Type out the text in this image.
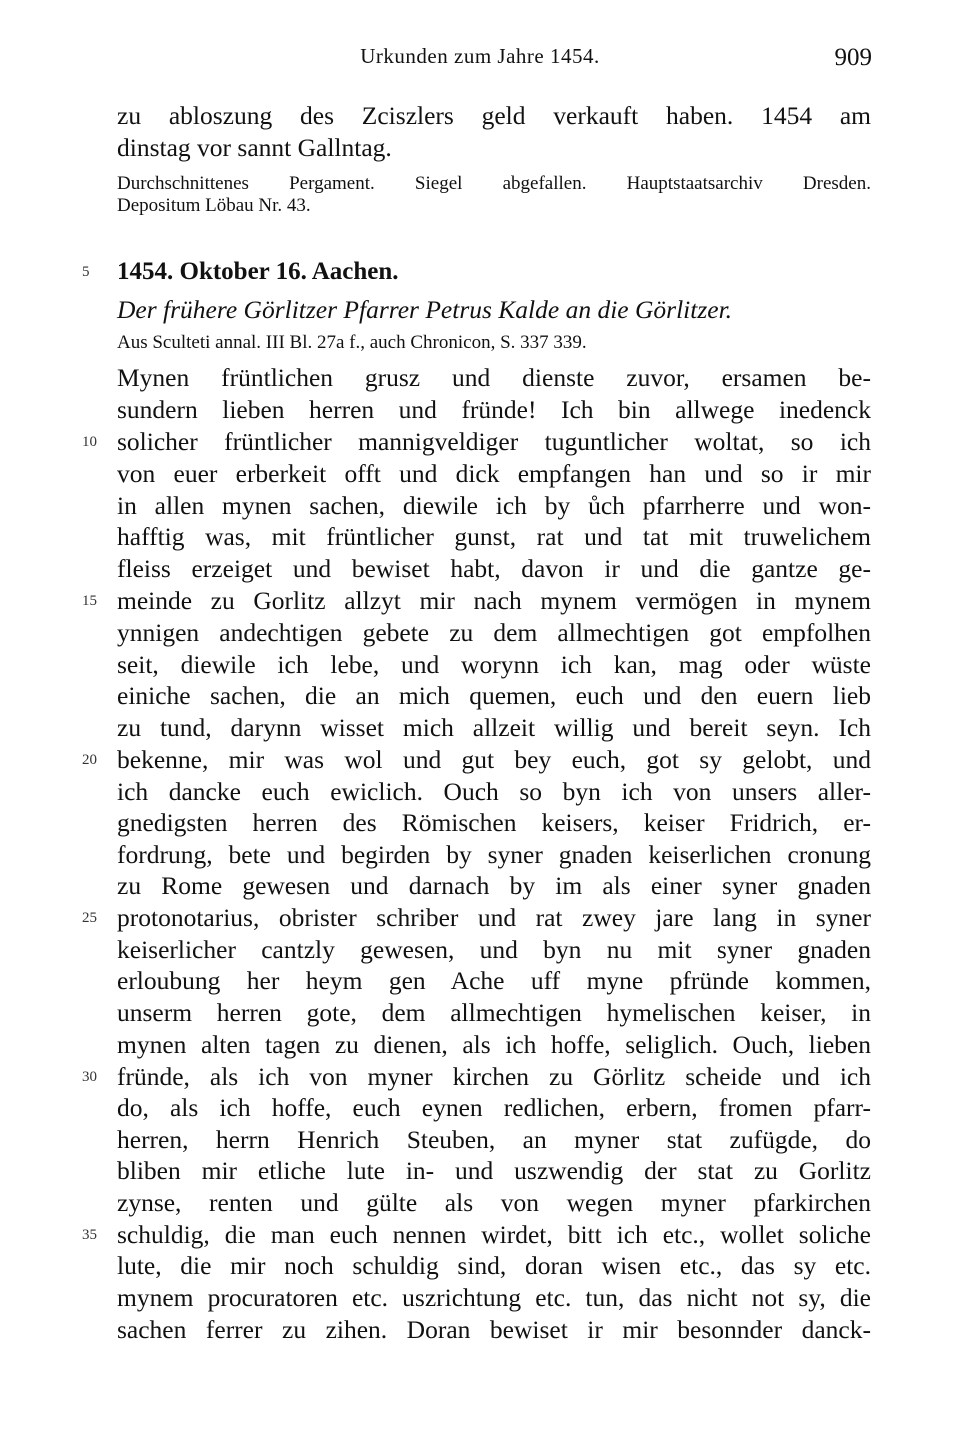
Urkunden zum Jahre 1454.	909
zu abloszung des Zciszlers geld verkauft haben. 1454 am
dinstag vor sannt Gallntag.
Durchschnittenes Pergament. Siegel abgefallen. Hauptstaatsarchiv Dresden.
Depositum Löbau Nr. 43.
5	1454. Oktober 16. Aachen.
Der frühere Görlitzer Pfarrer Petrus Kalde an die Görlitzer.
Aus Sculteti annal. III Bl. 27a f., auch Chronicon, S. 337 339.
Mynen früntlichen grusz und dienste zuvor, ersamen be-
sundern lieben herren und fründe! Ich bin allwege inedenck
solicher früntlicher mannigveldiger tuguntlicher woltat, so ich
von euer erberkeit offt und dick empfangen han und so ir mir
in allen mynen sachen, diewile ich by ůch pfarrherre und won-
hafftig was, mit früntlicher gunst, rat und tat mit truwelichem
fleiss erzeiget und bewiset habt, davon ir und die gantze ge-
meinde zu Gorlitz allzyt mir nach mynem vermögen in mynem
ynnigen andechtigen gebete zu dem allmechtigen got empfolhen
seit, diewile ich lebe, und worynn ich kan, mag oder wüste
einiche sachen, die an mich quemen, euch und den euern lieb
zu tund, darynn wisset mich allzeit willig und bereit seyn. Ich
bekenne, mir was wol und gut bey euch, got sy gelobt, und
ich dancke euch ewiclich. Ouch so byn ich von unsers aller-
gnedigsten herren des Römischen keisers, keiser Fridrich, er-
fordrung, bete und begirden by syner gnaden keiserlichen cronung
zu Rome gewesen und darnach by im als einer syner gnaden
protonotarius, obrister schriber und rat zwey jare lang in syner
keiserlicher cantzly gewesen, und byn nu mit syner gnaden
erloubung her heym gen Ache uff myne pfründe kommen,
unserm herren gote, dem allmechtigen hymelischen keiser, in
mynen alten tagen zu dienen, als ich hoffe, seliglich. Ouch, lieben
fründe, als ich von myner kirchen zu Görlitz scheide und ich
do, als ich hoffe, euch eynen redlichen, erbern, fromen pfarr-
herren, herrn Henrich Steuben, an myner stat zufügde, do
bliben mir etliche lute in- und uszwendig der stat zu Gorlitz
zynse, renten und gülte als von wegen myner pfarkirchen
schuldig, die man euch nennen wirdet, bitt ich etc., wollet soliche
lute, die mir noch schuldig sind, doran wisen etc., das sy etc.
mynem procuratoren etc. uszrichtung etc. tun, das nicht not sy, die
sachen ferrer zu zihen. Doran bewiset ir mir besonnder danck-
10
15
20
25
30
35
